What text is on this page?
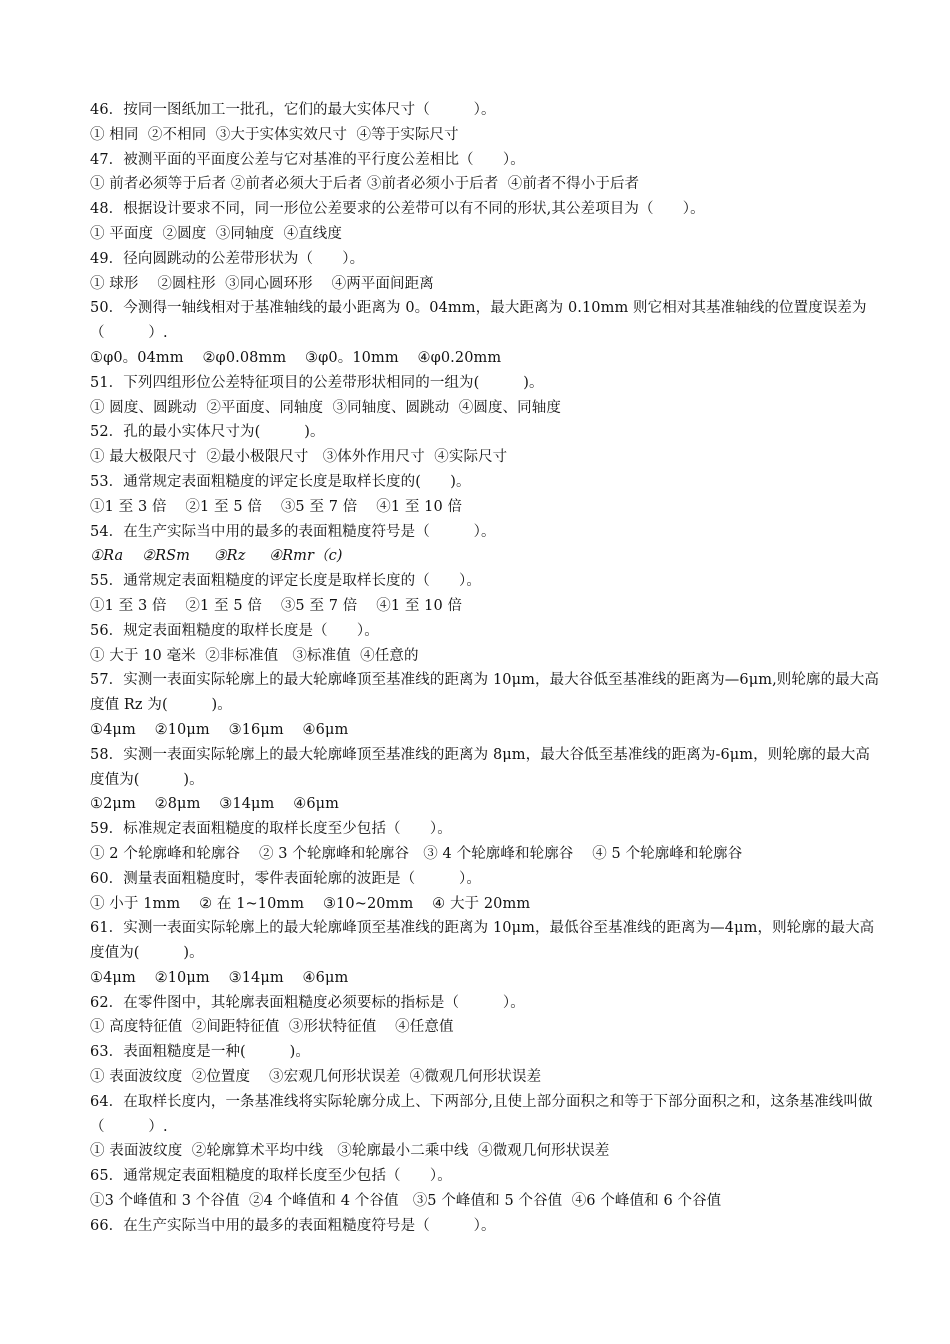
46．按同一图纸加工一批孔，它们的最大实体尺寸（　　　）。
① 相同  ②不相同  ③大于实体实效尺寸  ④等于实际尺寸
47．被测平面的平面度公差与它对基准的平行度公差相比（　　）。
① 前者必须等于后者 ②前者必须大于后者 ③前者必须小于后者  ④前者不得小于后者
48．根据设计要求不同，同一形位公差要求的公差带可以有不同的形状,其公差项目为（　　）。
① 平面度  ②圆度  ③同轴度  ④直线度
49．径向圆跳动的公差带形状为（　　）。
① 球形    ②圆柱形  ③同心圆环形    ④两平面间距离
50．今测得一轴线相对于基准轴线的最小距离为 0。04mm，最大距离为 0.10mm 则它相对其基准轴线的位置度误差为（　　　）.
①φ0。04mm    ②φ0.08mm    ③φ0。10mm    ④φ0.20mm
51．下列四组形位公差特征项目的公差带形状相同的一组为(　　　)。
① 圆度、圆跳动  ②平面度、同轴度  ③同轴度、圆跳动  ④圆度、同轴度
52．孔的最小实体尺寸为(　　　)。
① 最大极限尺寸  ②最小极限尺寸   ③体外作用尺寸  ④实际尺寸
53．通常规定表面粗糙度的评定长度是取样长度的(　　)。
①1 至 3 倍    ②1 至 5 倍    ③5 至 7 倍    ④1 至 10 倍
54．在生产实际当中用的最多的表面粗糙度符号是（　　　）。
①Ra    ②RSm     ③Rz     ④Rmr（c)
55．通常规定表面粗糙度的评定长度是取样长度的（　　）。
①1 至 3 倍    ②1 至 5 倍    ③5 至 7 倍    ④1 至 10 倍
56．规定表面粗糙度的取样长度是（　　）。
① 大于 10 毫米  ②非标准值   ③标准值  ④任意的
57．实测一表面实际轮廓上的最大轮廓峰顶至基准线的距离为 10μm，最大谷低至基准线的距离为—6μm,则轮廓的最大高度值 Rz 为(　　　)。
①4μm    ②10μm    ③16μm    ④6μm
58．实测一表面实际轮廓上的最大轮廓峰顶至基准线的距离为 8μm，最大谷低至基准线的距离为-6μm，则轮廓的最大高度值为(　　　)。
①2μm    ②8μm    ③14μm    ④6μm
59．标准规定表面粗糙度的取样长度至少包括（　　）。
① 2 个轮廓峰和轮廓谷    ② 3 个轮廓峰和轮廓谷   ③ 4 个轮廓峰和轮廓谷    ④ 5 个轮廓峰和轮廓谷
60．测量表面粗糙度时，零件表面轮廓的波距是（　　　）。
① 小于 1mm    ② 在 1~10mm    ③10~20mm    ④ 大于 20mm
61．实测一表面实际轮廓上的最大轮廓峰顶至基准线的距离为 10μm，最低谷至基准线的距离为—4μm，则轮廓的最大高度值为(　　　)。
①4μm    ②10μm    ③14μm    ④6μm
62．在零件图中，其轮廓表面粗糙度必须要标的指标是（　　　）。
① 高度特征值  ②间距特征值  ③形状特征值    ④任意值
63．表面粗糙度是一种(　　　)。
① 表面波纹度  ②位置度    ③宏观几何形状误差  ④微观几何形状误差
64．在取样长度内，一条基准线将实际轮廓分成上、下两部分,且使上部分面积之和等于下部分面积之和，这条基准线叫做（　　　）.
① 表面波纹度  ②轮廓算术平均中线   ③轮廓最小二乘中线  ④微观几何形状误差
65．通常规定表面粗糙度的取样长度至少包括（　　）。
①3 个峰值和 3 个谷值  ②4 个峰值和 4 个谷值   ③5 个峰值和 5 个谷值  ④6 个峰值和 6 个谷值
66．在生产实际当中用的最多的表面粗糙度符号是（　　　）。
